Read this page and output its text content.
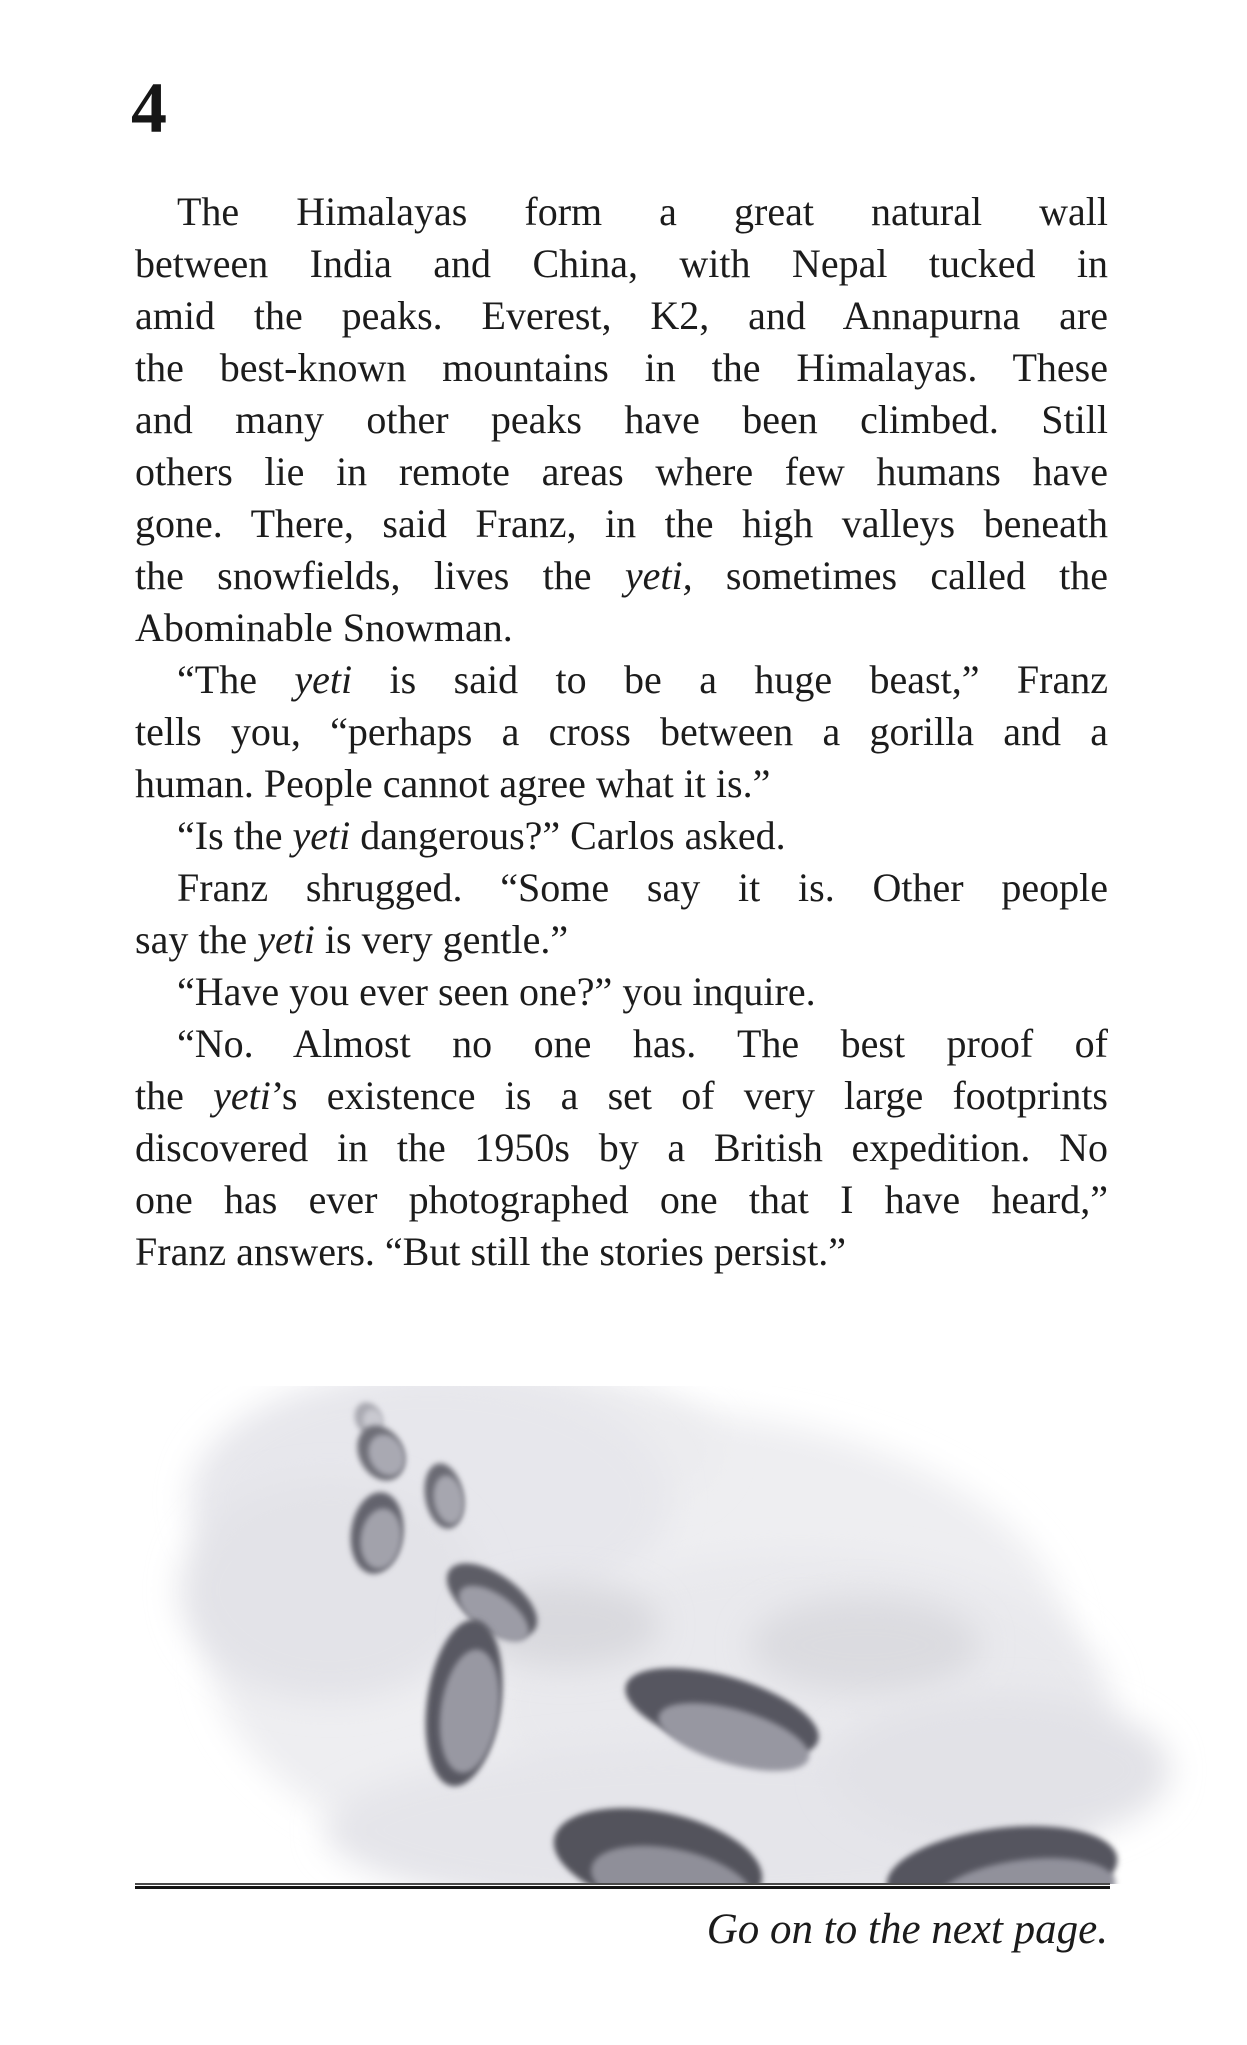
4
The Himalayas form a great natural wall
between India and China, with Nepal tucked in
amid the peaks. Everest, K2, and Annapurna are
the best-known mountains in the Himalayas. These
and many other peaks have been climbed. Still
others lie in remote areas where few humans have
gone. There, said Franz, in the high valleys beneath
the snowfields, lives the yeti, sometimes called the
Abominable Snowman.
“The yeti is said to be a huge beast,” Franz
tells you, “perhaps a cross between a gorilla and a
human. People cannot agree what it is.”
“Is the yeti dangerous?” Carlos asked.
Franz shrugged. “Some say it is. Other people
say the yeti is very gentle.”
“Have you ever seen one?” you inquire.
“No. Almost no one has. The best proof of
the yeti’s existence is a set of very large footprints
discovered in the 1950s by a British expedition. No
one has ever photographed one that I have heard,”
Franz answers. “But still the stories persist.”
Go on to the next page.
